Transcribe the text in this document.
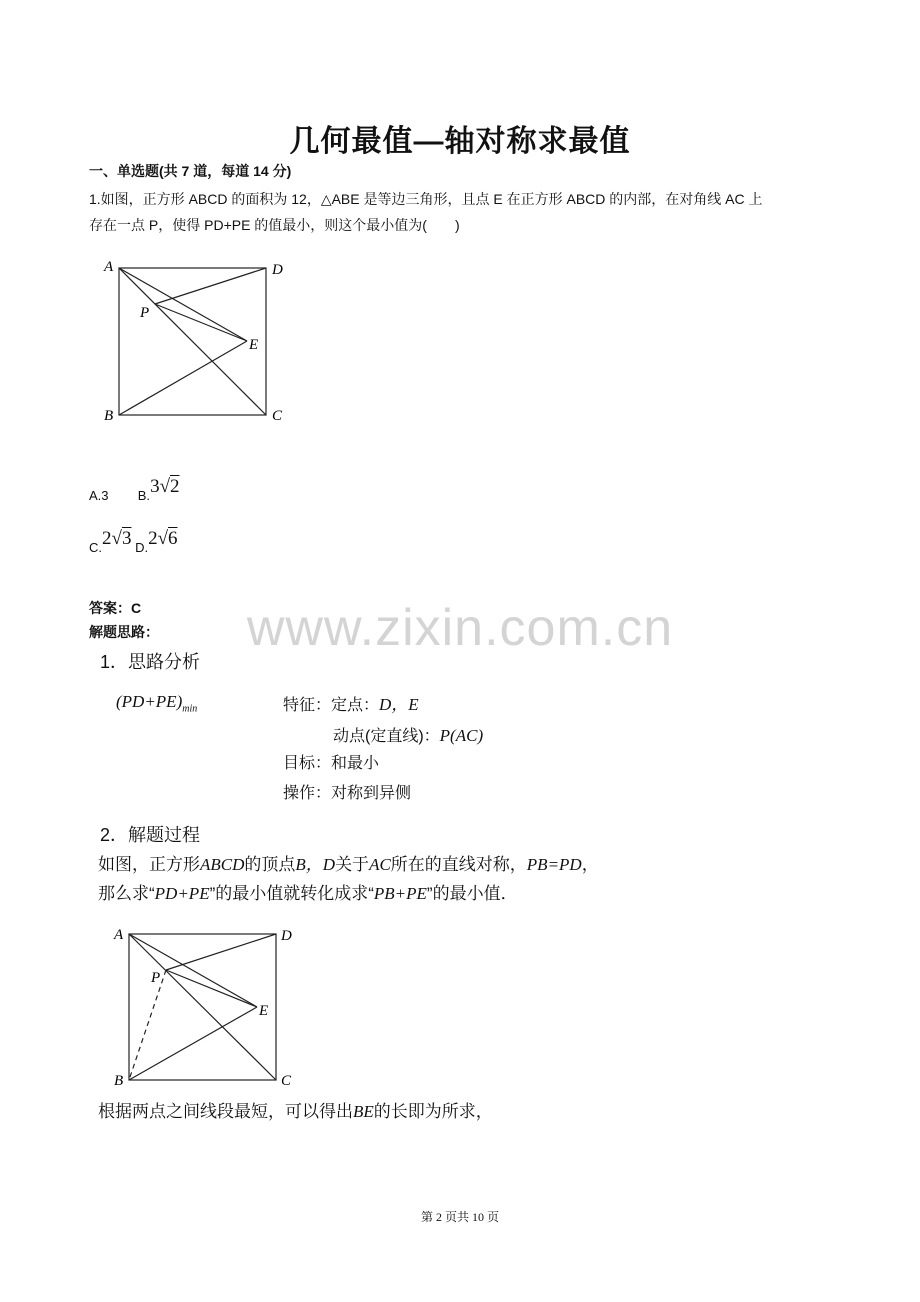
几何最值—轴对称求最值
一、单选题(共 7 道，每道 14 分)
1.如图，正方形 ABCD 的面积为 12，△ABE 是等边三角形，且点 E 在正方形 ABCD 的内部，在对角线 AC 上
存在一点 P，使得 PD+PE 的值最小，则这个最小值为(　　)
A	D
P
E
B	C
A.3 B.3√2
C.2√3 D.2√6
答案：C
解题思路：	www.zixin.com.cn
1．思路分析
$(PD+PE)_{min}$	特征：定点：D，E
动点(定直线)：P(AC)
目标：和最小
操作：对称到异侧
2．解题过程
如图，正方形ABCD的顶点B，D关于AC所在的直线对称，PB=PD，
那么求“PD+PE”的最小值就转化成求“PB+PE”的最小值．
A	D
P
E
B	C
根据两点之间线段最短，可以得出BE的长即为所求，
第 2 页共 10 页
